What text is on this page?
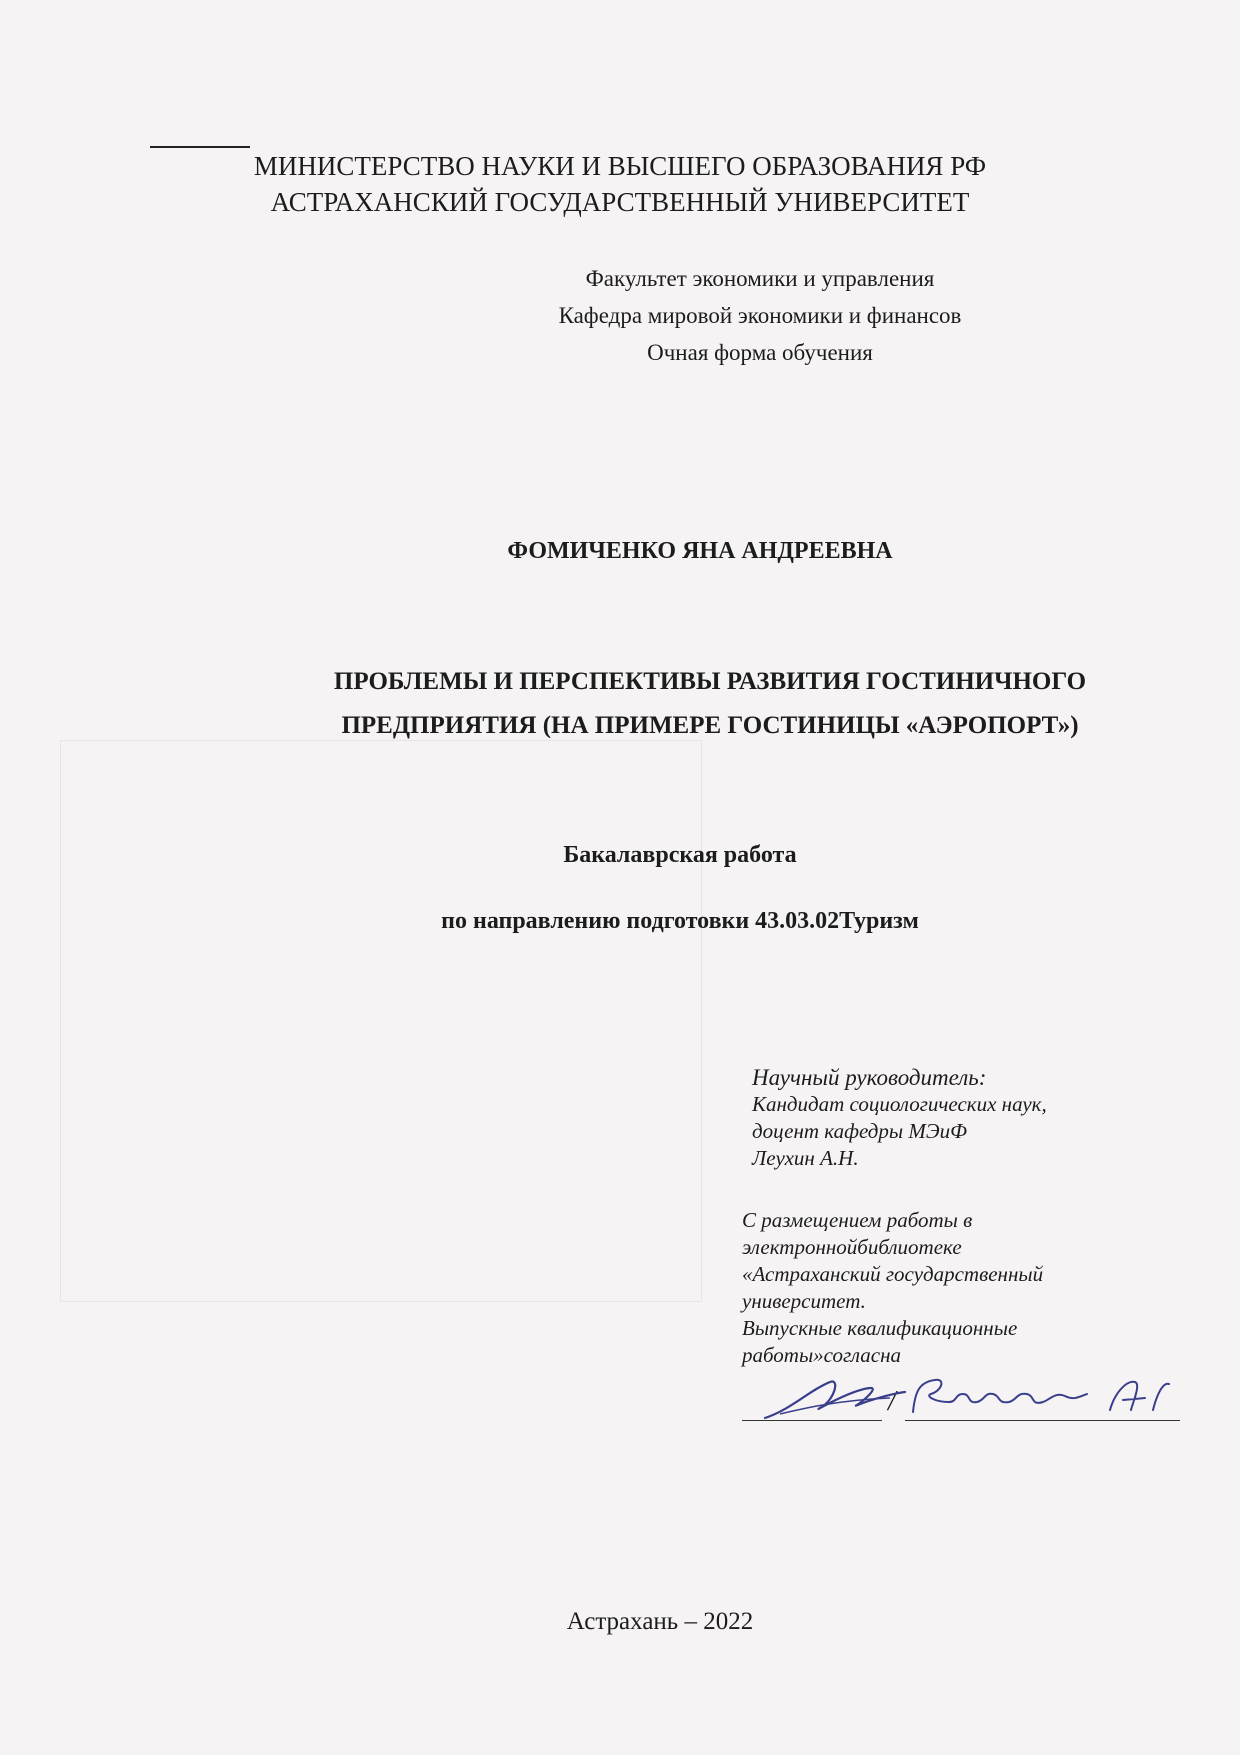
МИНИСТЕРСТВО НАУКИ И ВЫСШЕГО ОБРАЗОВАНИЯ РФ
АСТРАХАНСКИЙ ГОСУДАРСТВЕННЫЙ УНИВЕРСИТЕТ
Факультет экономики и управления
Кафедра мировой экономики и финансов
Очная форма обучения
ФОМИЧЕНКО ЯНА АНДРЕЕВНА
ПРОБЛЕМЫ И ПЕРСПЕКТИВЫ РАЗВИТИЯ ГОСТИНИЧНОГО
ПРЕДПРИЯТИЯ (НА ПРИМЕРЕ ГОСТИНИЦЫ «АЭРОПОРТ»)
Бакалаврская работа
по направлению подготовки 43.03.02Туризм
Научный руководитель:
Кандидат социологических наук,
доцент кафедры МЭиФ
Леухин А.Н.
С размещением работы в
электроннойбиблиотеке
«Астраханский государственный
университет.
Выпускные квалификационные
работы»согласна
/
Астрахань – 2022
